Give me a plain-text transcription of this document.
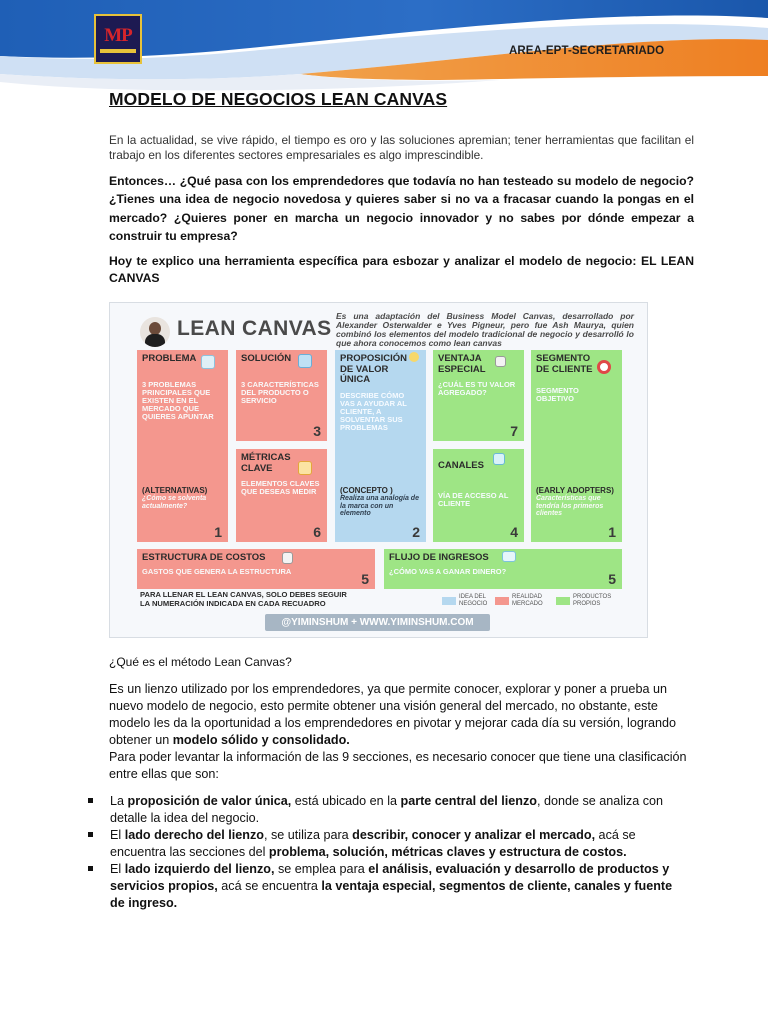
MP
AREA-EPT-SECRETARIADO
MODELO DE NEGOCIOS LEAN CANVAS
En la actualidad, se vive rápido, el tiempo es oro y las soluciones apremian; tener herramientas que facilitan el trabajo en los diferentes sectores empresariales es algo imprescindible.
Entonces… ¿Qué pasa con los emprendedores que todavía no han testeado su modelo de negocio? ¿Tienes una idea de negocio novedosa y quieres saber si no va a fracasar cuando la pongas en el mercado? ¿Quieres poner en marcha un negocio innovador y no sabes por dónde empezar a construir tu empresa?
Hoy te explico una herramienta específica para esbozar y analizar el modelo de negocio: EL LEAN CANVAS
LEAN CANVAS
Es una adaptación del Business Model Canvas, desarrollado por Alexander Osterwalder e Yves Pigneur, pero fue Ash Maurya, quien combinó los elementos del modelo tradicional de negocio y desarrolló lo que ahora conocemos como lean canvas
PROBLEMA
3 PROBLEMAS PRINCIPALES QUE EXISTEN EN EL MERCADO QUE QUIERES APUNTAR
(ALTERNATIVAS)
¿Cómo se solventa actualmente?
1
SOLUCIÓN
3 CARACTERÍSTICAS DEL PRODUCTO O SERVICIO
3
MÉTRICAS CLAVE
ELEMENTOS CLAVES QUE DESEAS MEDIR
6
PROPOSICIÓN DE VALOR ÚNICA
DESCRIBE CÓMO VAS A AYUDAR AL CLIENTE, A SOLVENTAR SUS PROBLEMAS
(CONCEPTO )
Realiza una analogía de la marca con un elemento
2
VENTAJA ESPECIAL
¿CUÁL ES TU VALOR AGREGADO?
7
CANALES
VÍA DE ACCESO AL CLIENTE
4
SEGMENTO DE CLIENTE
SEGMENTO OBJETIVO
(EARLY ADOPTERS)
Características que tendría los primeros clientes
1
ESTRUCTURA DE COSTOS
GASTOS QUE GENERA LA ESTRUCTURA	5
FLUJO DE INGRESOS
¿CÓMO VAS A GANAR DINERO?	5
PARA LLENAR EL LEAN CANVAS, SOLO DEBES SEGUIR LA NUMERACIÓN INDICADA EN CADA RECUADRO
IDEA DEL NEGOCIO
REALIDAD MERCADO
PRODUCTOS PROPIOS
@YIMINSHUM + WWW.YIMINSHUM.COM
¿Qué es el método Lean Canvas?
Es un lienzo utilizado por los emprendedores, ya que permite conocer, explorar y poner a prueba un nuevo modelo de negocio, esto permite obtener una visión general del mercado, no obstante, este modelo les da la oportunidad a los emprendedores en pivotar y mejorar cada día su versión, logrando obtener un modelo sólido y consolidado.
Para poder levantar la información de las 9 secciones, es necesario conocer que tiene una clasificación entre ellas que son:
La proposición de valor única, está ubicado en la parte central del lienzo, donde se analiza con detalle la idea del negocio.
El lado derecho del lienzo, se utiliza para describir, conocer y analizar el mercado, acá se encuentra las secciones del problema, solución, métricas claves y estructura de costos.
El lado izquierdo del lienzo, se emplea para el análisis, evaluación y desarrollo de productos y servicios propios, acá se encuentra la ventaja especial, segmentos de cliente, canales y fuente de ingreso.
